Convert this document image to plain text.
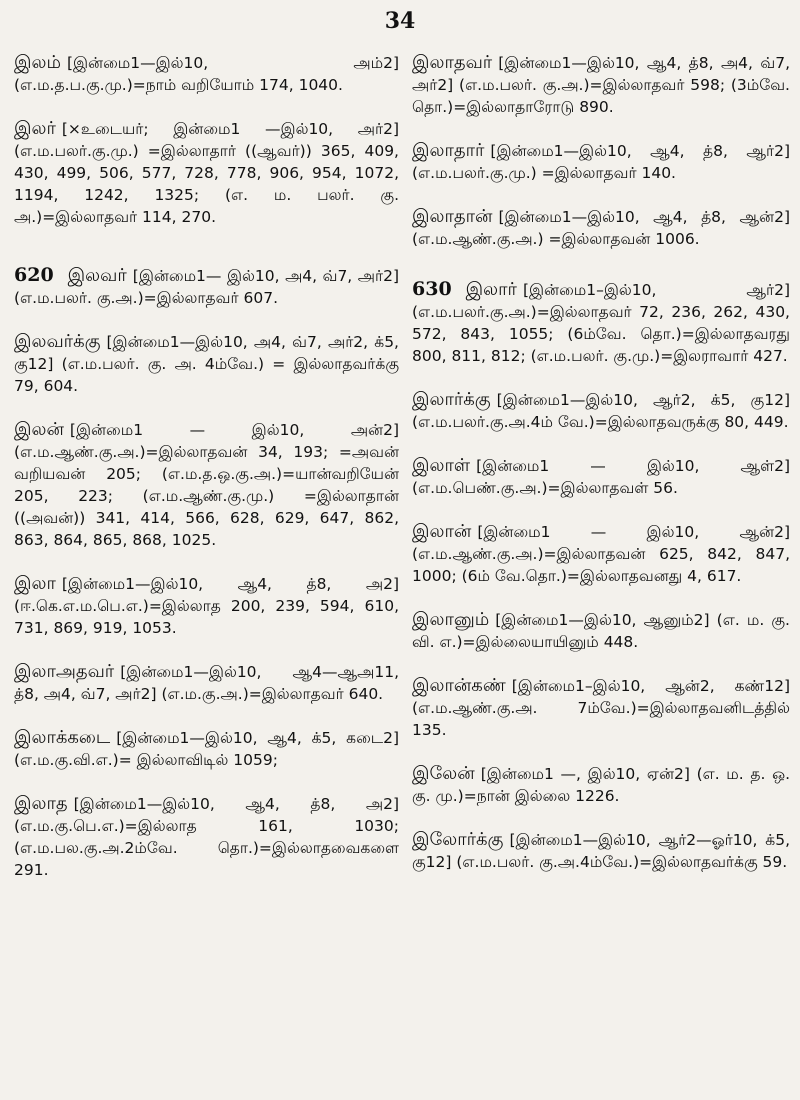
34
இலம் [இன்மை1—இல்10, அம்2] (எ.ம.த.ப.கு.மு.)=நாம் வறியோம் 174, 1040.
இலர் [×உடையர்; இன்மை1 —இல்10, அர்2] (எ.ம.பலர்.கு.மு.) =இல்லாதார் ((ஆவர்)) 365, 409, 430, 499, 506, 577, 728, 778, 906, 954, 1072, 1194, 1242, 1325; (எ. ம. பலர். கு. அ.)=இல்லாதவர் 114, 270.
620 இலவர் [இன்மை1— இல்10, அ4, வ்7, அர்2] (எ.ம.பலர். கு.அ.)=இல்லாதவர் 607.
இலவர்க்கு [இன்மை1—இல்10, அ4, வ்7, அர்2, க்5, கு12] (எ.ம.பலர். கு. அ. 4ம்வே.) = இல்லாதவர்க்கு 79, 604.
இலன் [இன்மை1 — இல்10, அன்2] (எ.ம.ஆண்.கு.அ.)=இல்லாதவன் 34, 193; =அவன் வறியவன் 205; (எ.ம.த.ஒ.கு.அ.)=யான்வறியேன் 205, 223; (எ.ம.ஆண்.கு.மு.) =இல்லாதான் ((அவன்)) 341, 414, 566, 628, 629, 647, 862, 863, 864, 865, 868, 1025.
இலா [இன்மை1—இல்10, ஆ4, த்8, அ2] (ஈ.கெ.எ.ம.பெ.எ.)=இல்லாத 200, 239, 594, 610, 731, 869, 919, 1053.
இலாஅதவர் [இன்மை1—இல்10, ஆ4—ஆஅ11, த்8, அ4, வ்7, அர்2] (எ.ம.கு.அ.)=இல்லாதவர் 640.
இலாக்கடை [இன்மை1—இல்10, ஆ4, க்5, கடை2] (எ.ம.கு.வி.எ.)= இல்லாவிடில் 1059;
இலாத [இன்மை1—இல்10, ஆ4, த்8, அ2] (எ.ம.கு.பெ.எ.)=இல்லாத 161, 1030; (எ.ம.பல.கு.அ.2ம்வே. தொ.)=இல்லாதவைகளை 291.
இலாதவர் [இன்மை1—இல்10, ஆ4, த்8, அ4, வ்7, அர்2] (எ.ம.பலர். கு.அ.)=இல்லாதவர் 598; (3ம்வே. தொ.)=இல்லாதாரோடு 890.
இலாதார் [இன்மை1—இல்10, ஆ4, த்8, ஆர்2] (எ.ம.பலர்.கு.மு.) =இல்லாதவர் 140.
இலாதான் [இன்மை1—இல்10, ஆ4, த்8, ஆன்2] (எ.ம.ஆண்.கு.அ.) =இல்லாதவன் 1006.
630 இலார் [இன்மை1–இல்10, ஆர்2] (எ.ம.பலர்.கு.அ.)=இல்லாதவர் 72, 236, 262, 430, 572, 843, 1055; (6ம்வே. தொ.)=இல்லாதவரது 800, 811, 812; (எ.ம.பலர். கு.மு.)=இலராவார் 427.
இலார்க்கு [இன்மை1—இல்10, ஆர்2, க்5, கு12] (எ.ம.பலர்.கு.அ.4ம் வே.)=இல்லாதவருக்கு 80, 449.
இலாள் [இன்மை1 — இல்10, ஆள்2] (எ.ம.பெண்.கு.அ.)=இல்லாதவள் 56.
இலான் [இன்மை1 — இல்10, ஆன்2] (எ.ம.ஆண்.கு.அ.)=இல்லாதவன் 625, 842, 847, 1000; (6ம் வே.தொ.)=இல்லாதவனது 4, 617.
இலானும் [இன்மை1—இல்10, ஆனும்2] (எ. ம. கு. வி. எ.)=இல்லையாயினும் 448.
இலான்கண் [இன்மை1–இல்10, ஆன்2, கண்12] (எ.ம.ஆண்.கு.அ. 7ம்வே.)=இல்லாதவனிடத்தில் 135.
இலேன் [இன்மை1 —, இல்10, ஏன்2] (எ. ம. த. ஒ. கு. மு.)=நான் இல்லை 1226.
இலோர்க்கு [இன்மை1—இல்10, ஆர்2—ஓர்10, க்5, கு12] (எ.ம.பலர். கு.அ.4ம்வே.)=இல்லாதவர்க்கு 59.
